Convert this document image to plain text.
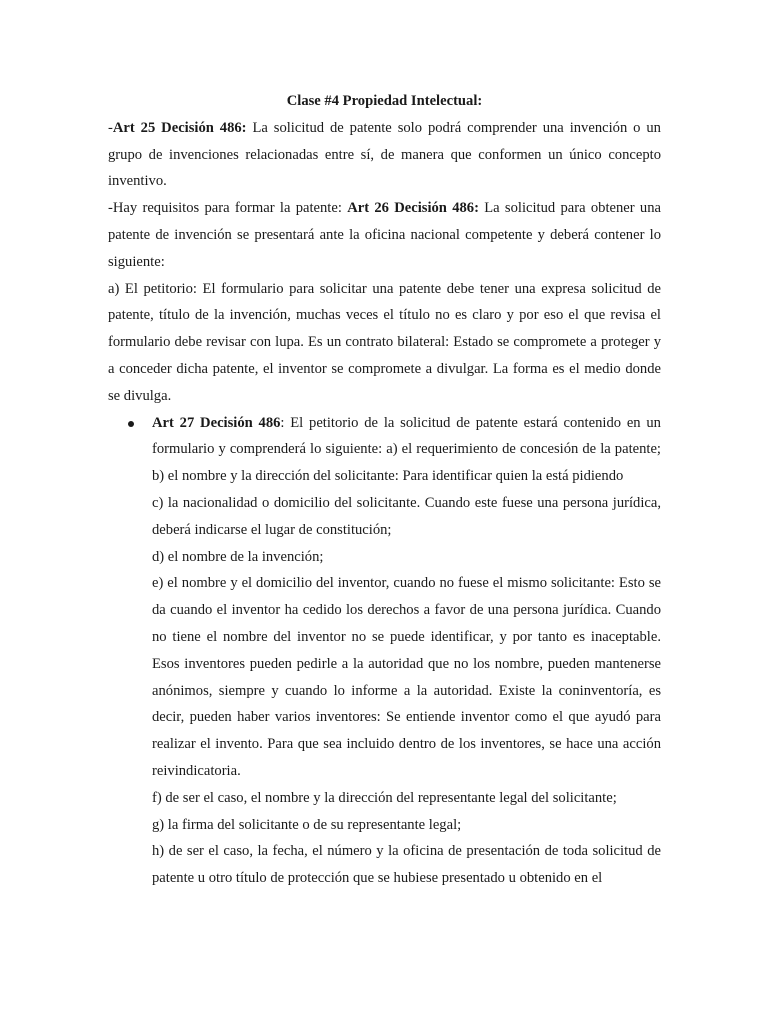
Clase #4 Propiedad Intelectual:

-Art 25 Decisión 486: La solicitud de patente solo podrá comprender una invención o un grupo de invenciones relacionadas entre sí, de manera que conformen un único concepto inventivo.

-Hay requisitos para formar la patente: Art 26 Decisión 486: La solicitud para obtener una patente de invención se presentará ante la oficina nacional competente y deberá contener lo siguiente:

a) El petitorio: El formulario para solicitar una patente debe tener una expresa solicitud de patente, título de la invención, muchas veces el título no es claro y por eso el que revisa el formulario debe revisar con lupa. Es un contrato bilateral: Estado se compromete a proteger y a conceder dicha patente, el inventor se compromete a divulgar. La forma es el medio donde se divulga.

Art 27 Decisión 486: El petitorio de la solicitud de patente estará contenido en un formulario y comprenderá lo siguiente: a) el requerimiento de concesión de la patente; b) el nombre y la dirección del solicitante: Para identificar quien la está pidiendo

c) la nacionalidad o domicilio del solicitante. Cuando este fuese una persona jurídica, deberá indicarse el lugar de constitución;

d) el nombre de la invención;

e) el nombre y el domicilio del inventor, cuando no fuese el mismo solicitante: Esto se da cuando el inventor ha cedido los derechos a favor de una persona jurídica. Cuando no tiene el nombre del inventor no se puede identificar, y por tanto es inaceptable. Esos inventores pueden pedirle a la autoridad que no los nombre, pueden mantenerse anónimos, siempre y cuando lo informe a la autoridad. Existe la coninventoría, es decir, pueden haber varios inventores: Se entiende inventor como el que ayudó para realizar el invento. Para que sea incluido dentro de los inventores, se hace una acción reivindicatoria.

f) de ser el caso, el nombre y la dirección del representante legal del solicitante;

g) la firma del solicitante o de su representante legal;

h) de ser el caso, la fecha, el número y la oficina de presentación de toda solicitud de patente u otro título de protección que se hubiese presentado u obtenido en el
